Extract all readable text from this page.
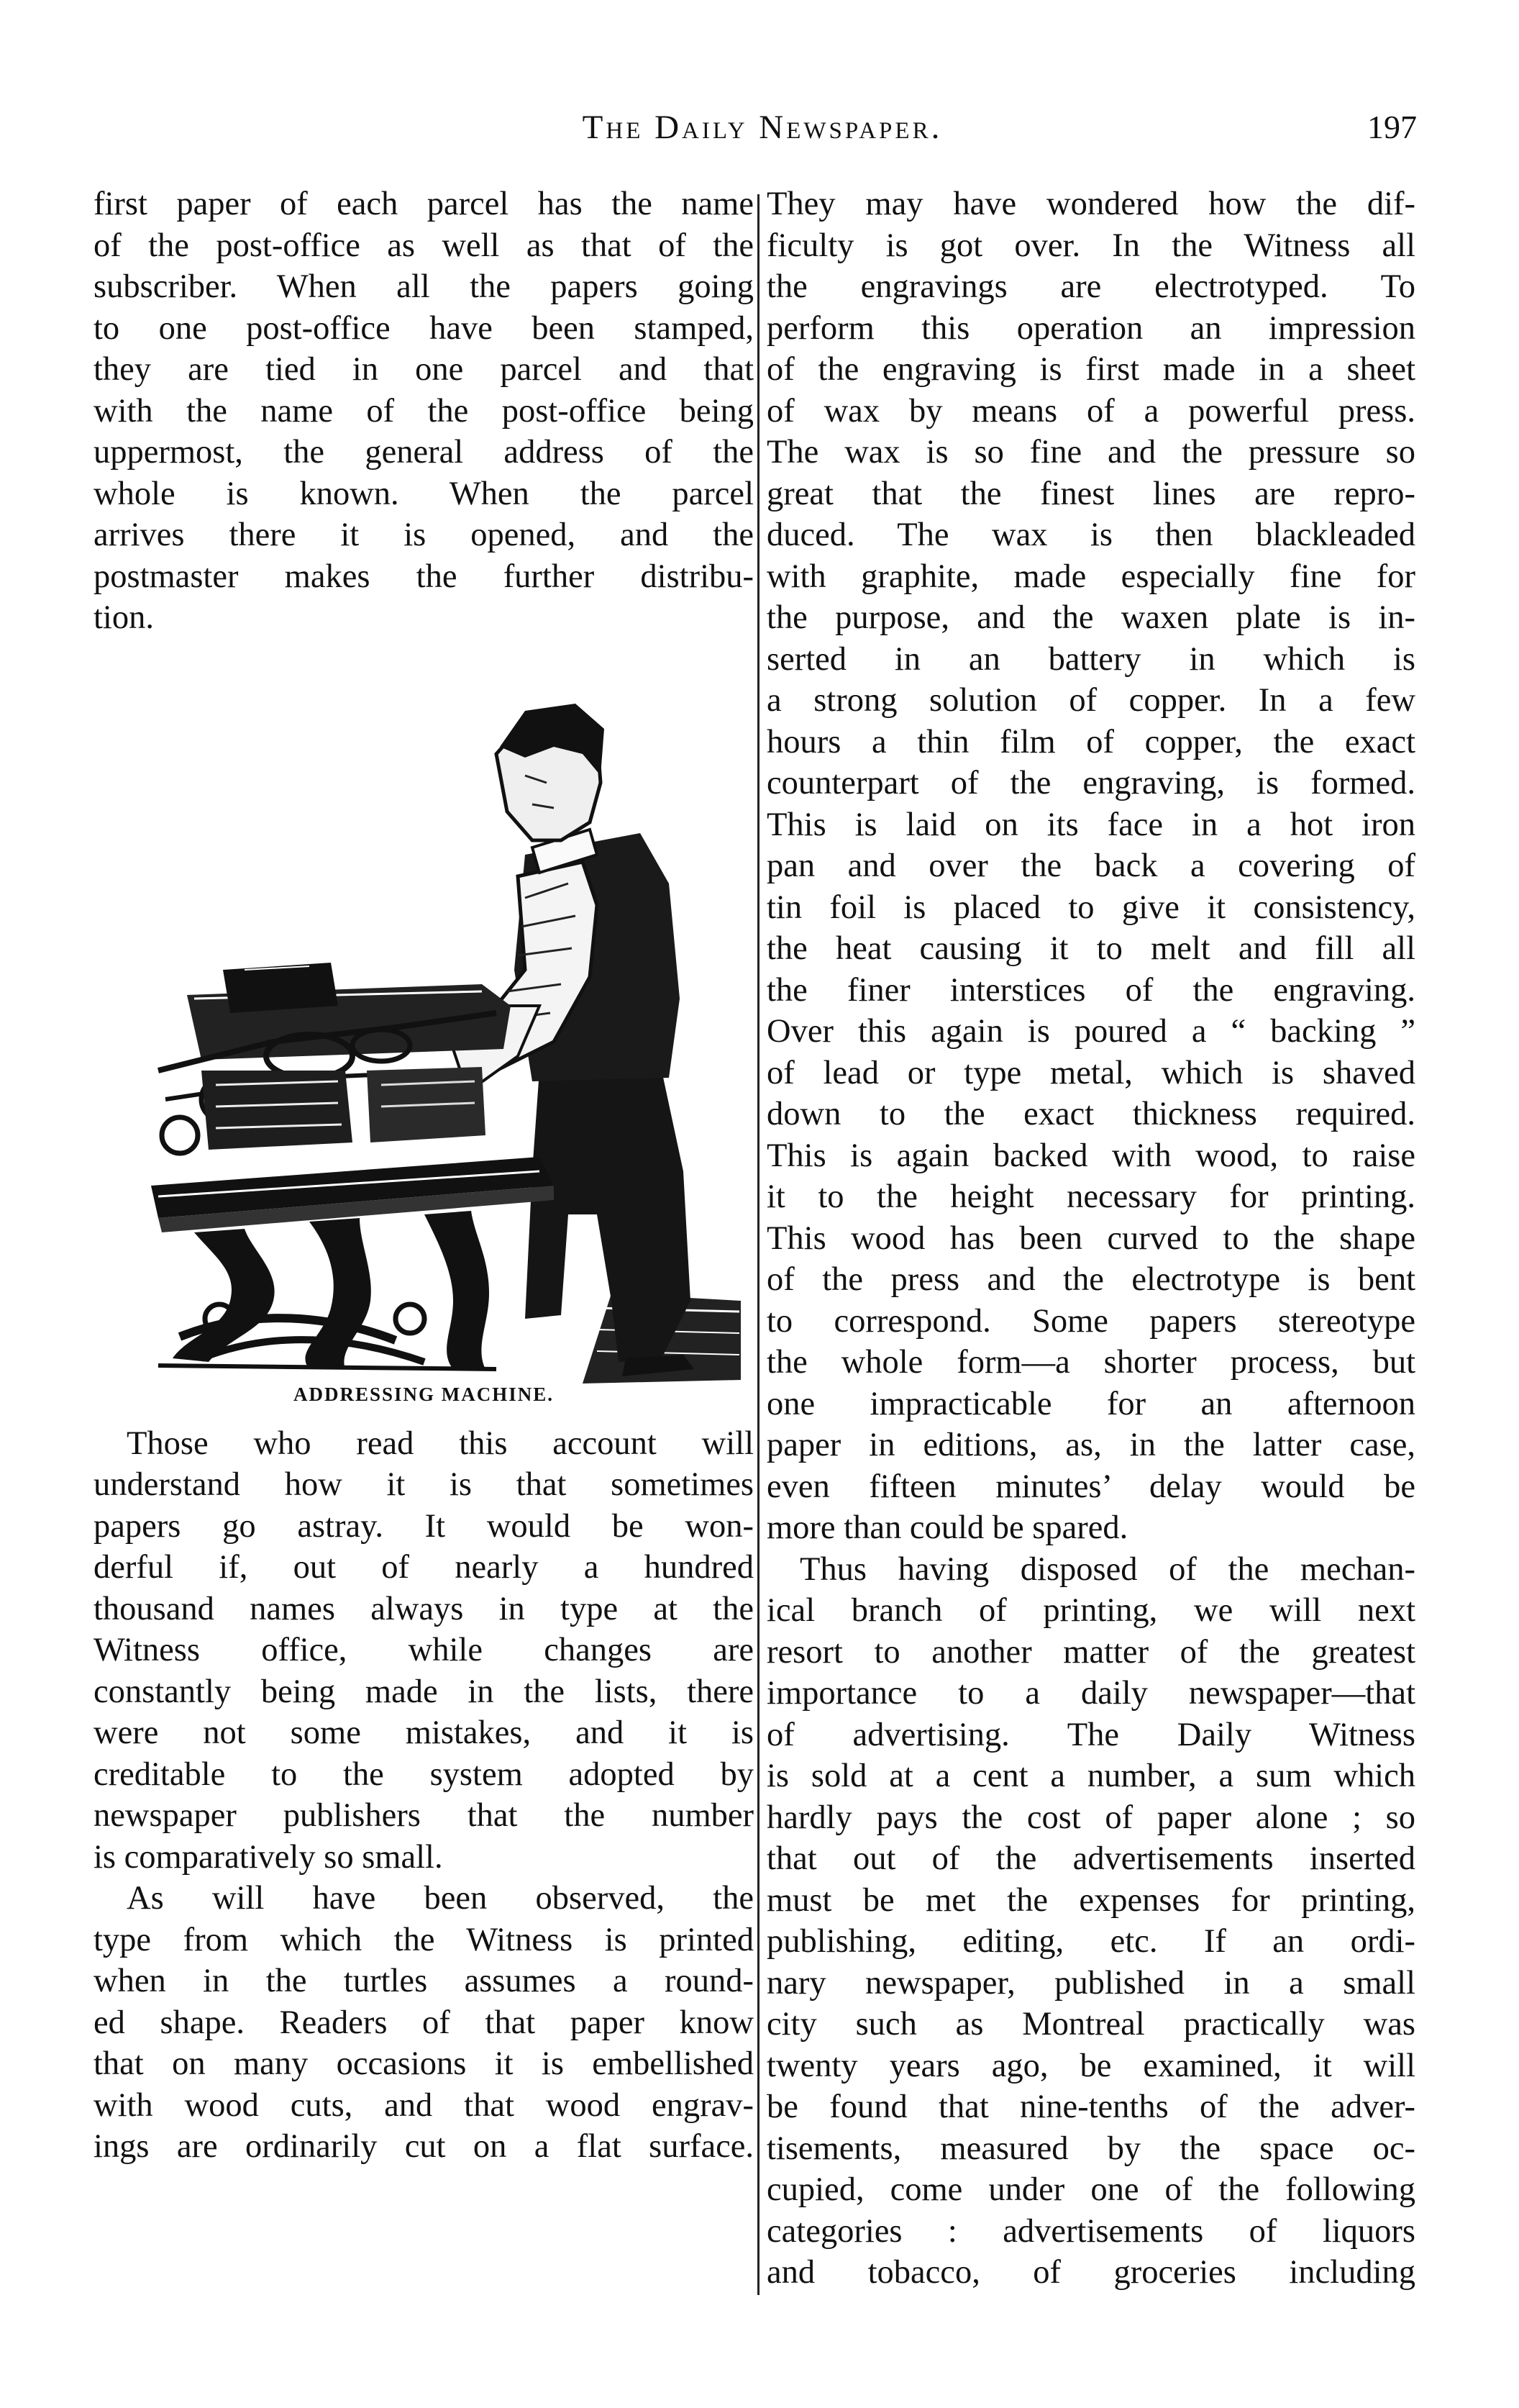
The Daily Newspaper.	197
first paper of each parcel has the name
of the post-office as well as that of the
subscriber. When all the papers going
to one post-office have been stamped,
they are tied in one parcel and that
with the name of the post-office being
uppermost, the general address of the
whole is known. When the parcel
arrives there it is opened, and the
postmaster makes the further distribu-
tion.
ADDRESSING MACHINE.
Those who read this account will
understand how it is that sometimes
papers go astray. It would be won-
derful if, out of nearly a hundred
thousand names always in type at the
Witness office, while changes are
constantly being made in the lists, there
were not some mistakes, and it is
creditable to the system adopted by
newspaper publishers that the number
is comparatively so small.
As will have been observed, the
type from which the Witness is printed
when in the turtles assumes a round-
ed shape. Readers of that paper know
that on many occasions it is embellished
with wood cuts, and that wood engrav-
ings are ordinarily cut on a flat surface.
They may have wondered how the dif-
ficulty is got over. In the Witness all
the engravings are electrotyped. To
perform this operation an impression
of the engraving is first made in a sheet
of wax by means of a powerful press.
The wax is so fine and the pressure so
great that the finest lines are repro-
duced. The wax is then blackleaded
with graphite, made especially fine for
the purpose, and the waxen plate is in-
serted in an battery in which is
a strong solution of copper. In a few
hours a thin film of copper, the exact
counterpart of the engraving, is formed.
This is laid on its face in a hot iron
pan and over the back a covering of
tin foil is placed to give it consistency,
the heat causing it to melt and fill all
the finer interstices of the engraving.
Over this again is poured a “ backing ”
of lead or type metal, which is shaved
down to the exact thickness required.
This is again backed with wood, to raise
it to the height necessary for printing.
This wood has been curved to the shape
of the press and the electrotype is bent
to correspond. Some papers stereotype
the whole form—a shorter process, but
one impracticable for an afternoon
paper in editions, as, in the latter case,
even fifteen minutes’ delay would be
more than could be spared.
Thus having disposed of the mechan-
ical branch of printing, we will next
resort to another matter of the greatest
importance to a daily newspaper—that
of advertising. The Daily Witness
is sold at a cent a number, a sum which
hardly pays the cost of paper alone ; so
that out of the advertisements inserted
must be met the expenses for printing,
publishing, editing, etc. If an ordi-
nary newspaper, published in a small
city such as Montreal practically was
twenty years ago, be examined, it will
be found that nine-tenths of the adver-
tisements, measured by the space oc-
cupied, come under one of the following
categories : advertisements of liquors
and tobacco, of groceries including
